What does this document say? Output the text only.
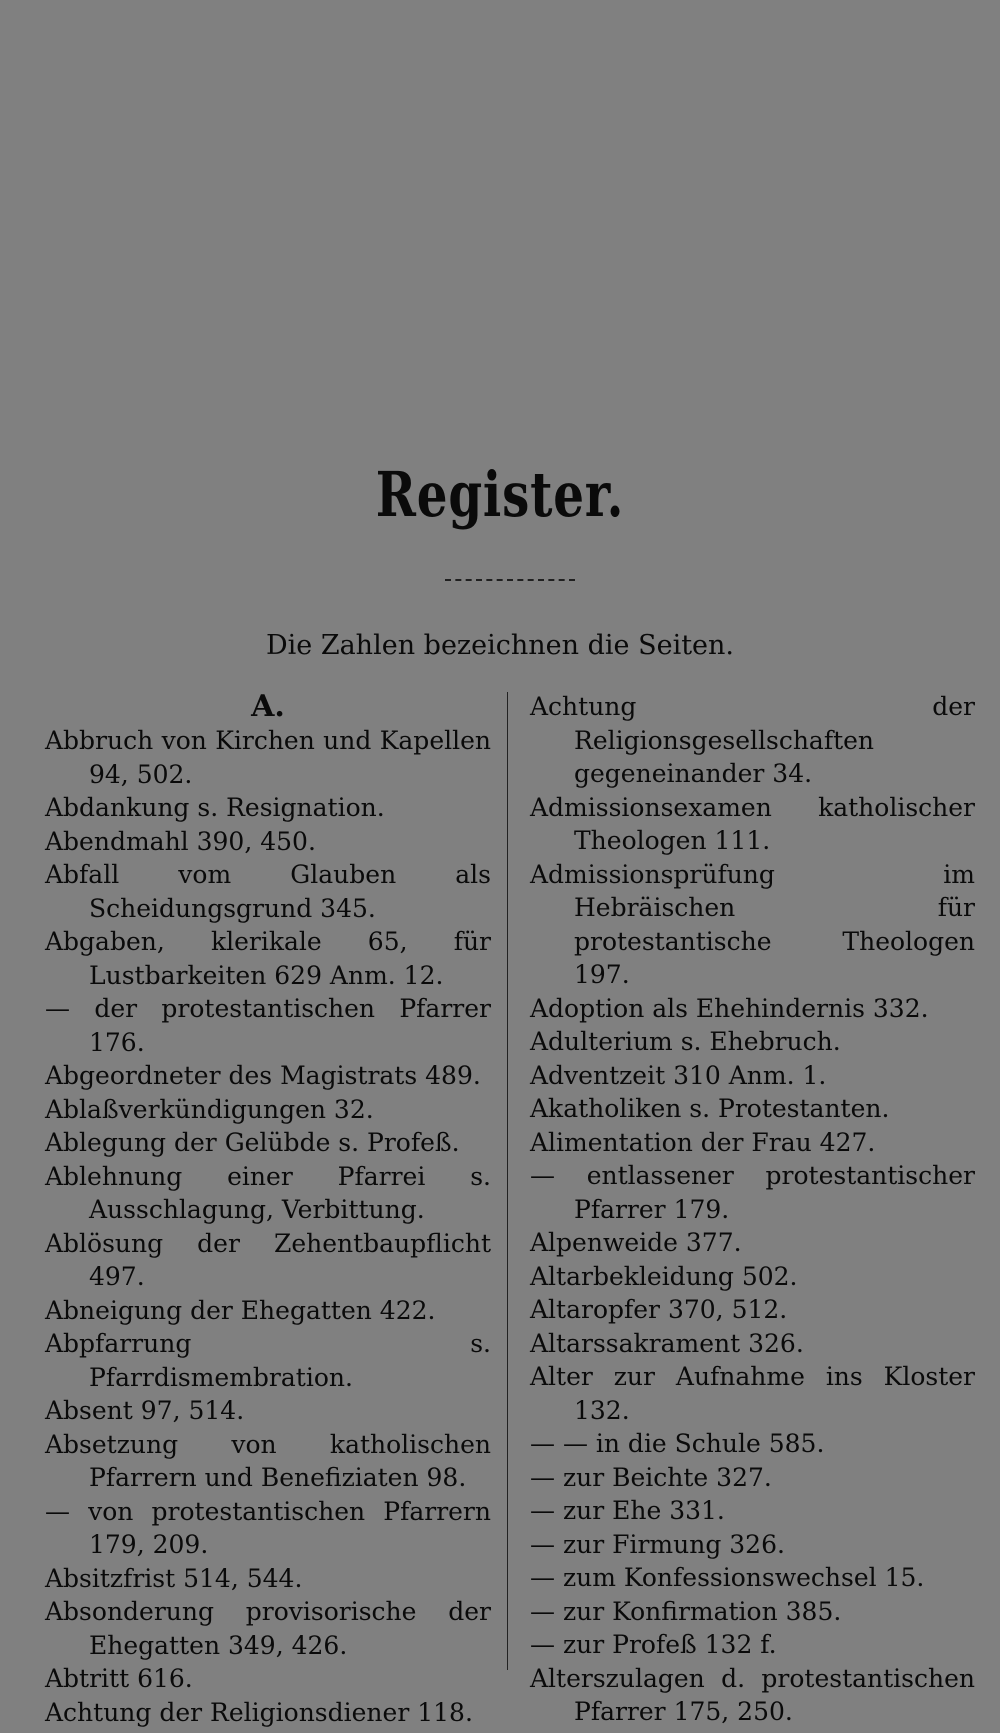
Register.
Die Zahlen bezeichnen die Seiten.
A.
Abbruch von Kirchen und Kapellen 94, 502.
Abdankung s. Resignation.
Abendmahl 390, 450.
Abfall vom Glauben als Scheidungsgrund 345.
Abgaben, klerikale 65, für Lustbarkeiten 629 Anm. 12.
— der protestantischen Pfarrer 176.
Abgeordneter des Magistrats 489.
Ablaßverkündigungen 32.
Ablegung der Gelübde s. Profeß.
Ablehnung einer Pfarrei s. Ausschlagung, Verbittung.
Ablösung der Zehentbaupflicht 497.
Abneigung der Ehegatten 422.
Abpfarrung s. Pfarrdismembration.
Absent 97, 514.
Absetzung von katholischen Pfarrern und Benefiziaten 98.
— von protestantischen Pfarrern 179, 209.
Absitzfrist 514, 544.
Absonderung provisorische der Ehegatten 349, 426.
Abtritt 616.
Achtung der Religionsdiener 118.
Achtung der Religionsgesellschaften gegeneinander 34.
Admissionsexamen katholischer Theologen 111.
Admissionsprüfung im Hebräischen für protestantische Theologen 197.
Adoption als Ehehindernis 332.
Adulterium s. Ehebruch.
Adventzeit 310 Anm. 1.
Akatholiken s. Protestanten.
Alimentation der Frau 427.
— entlassener protestantischer Pfarrer 179.
Alpenweide 377.
Altarbekleidung 502.
Altaropfer 370, 512.
Altarssakrament 326.
Alter zur Aufnahme ins Kloster 132.
— — in die Schule 585.
— zur Beichte 327.
— zur Ehe 331.
— zur Firmung 326.
— zum Konfessionswechsel 15.
— zur Konfirmation 385.
— zur Profeß 132 f.
Alterszulagen d. protestantischen Pfarrer 175, 250.
